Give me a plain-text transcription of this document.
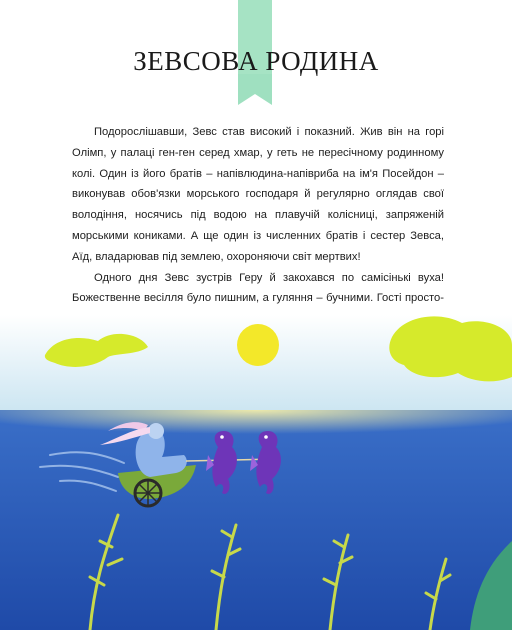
ЗЕВСОВА РОДИНА

Подорослішавши, Зевс став високий і показний. Жив він на горі Олімп, у палаці ген-ген серед хмар, у геть не пересічному родинному колі. Один із його братів – напівлюдина-напівриба на ім'я Посейдон – виконував обов'язки морського господаря й регулярно оглядав свої володіння, носячись під водою на плавучій колісниці, запряженій морськими кониками. А ще один із численних братів і сестер Зевса, Аїд, владарював під землею, охороняючи світ мертвих!

Одного дня Зевс зустрів Геру й закохався по самісінькі вуха! Божественне весілля було пишним, а гуляння – бучними. Гості просто-
